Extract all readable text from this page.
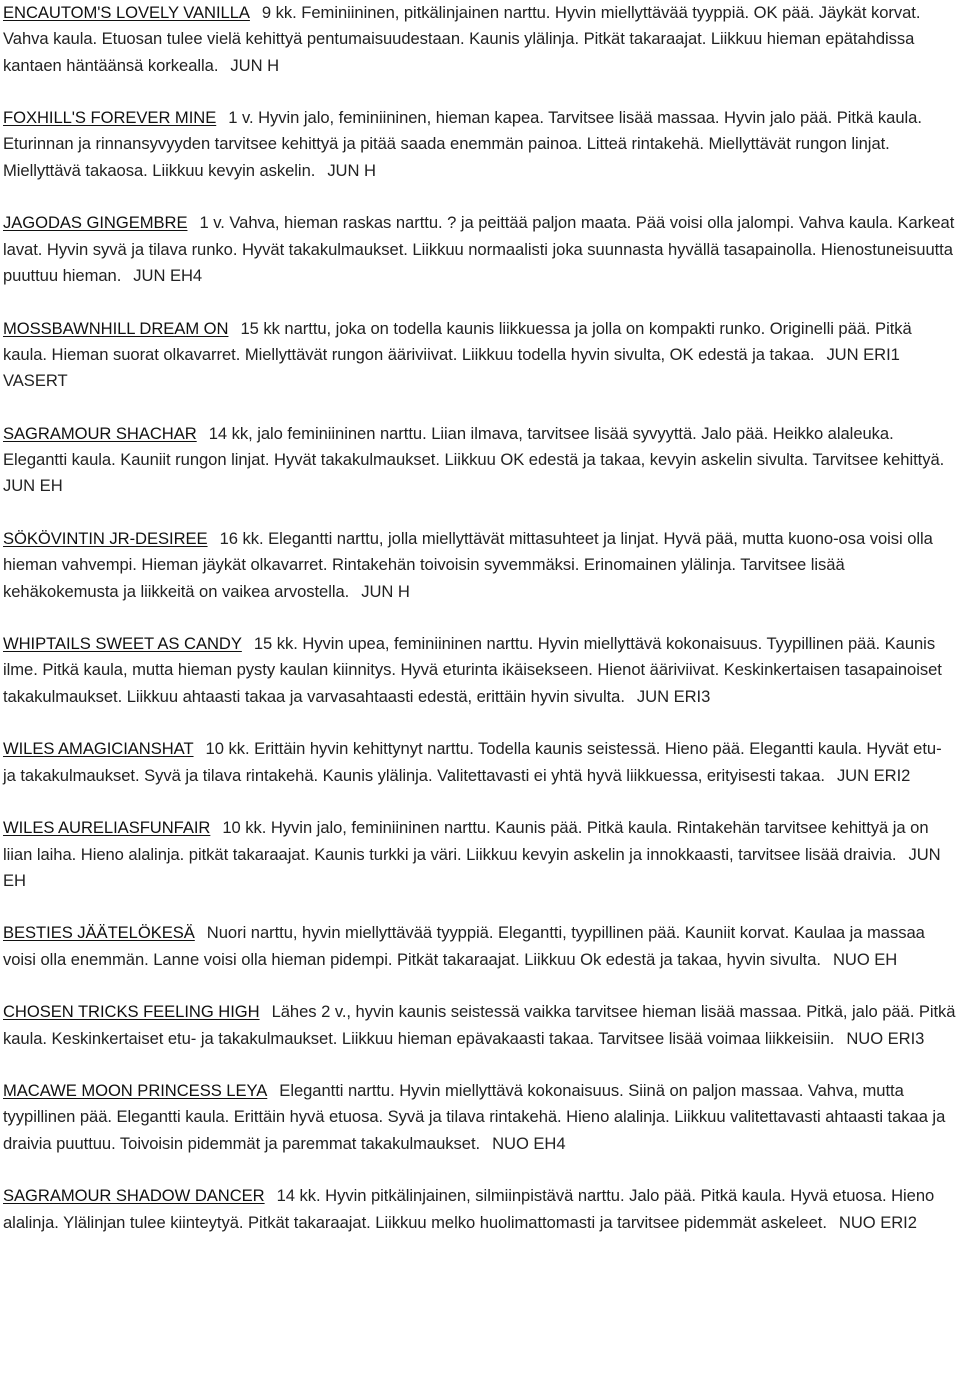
ENCAUTOM'S LOVELY VANILLA 9 kk. Feminiininen, pitkälinjainen narttu. Hyvin miellyttävää tyyppiä. OK pää. Jäykät korvat. Vahva kaula. Etuosan tulee vielä kehittyä pentumaisuudestaan. Kaunis ylälinja. Pitkät takaraajat. Liikkuu hieman epätahdissa kantaen häntäänsä korkealla. JUN H

FOXHILL'S FOREVER MINE 1 v. Hyvin jalo, feminiininen, hieman kapea. Tarvitsee lisää massaa. Hyvin jalo pää. Pitkä kaula. Eturinnan ja rinnansyvyyden tarvitsee kehittyä ja pitää saada enemmän painoa. Litteä rintakehä. Miellyttävät rungon linjat. Miellyttävä takaosa. Liikkuu kevyin askelin. JUN H

JAGODAS GINGEMBRE 1 v. Vahva, hieman raskas narttu. ? ja peittää paljon maata. Pää voisi olla jalompi. Vahva kaula. Karkeat lavat. Hyvin syvä ja tilava runko. Hyvät takakulmaukset. Liikkuu normaalisti joka suunnasta hyvällä tasapainolla. Hienostuneisuutta puuttuu hieman. JUN EH4

MOSSBAWNHILL DREAM ON 15 kk narttu, joka on todella kaunis liikkuessa ja jolla on kompakti runko. Originelli pää. Pitkä kaula. Hieman suorat olkavarret. Miellyttävät rungon ääriviivat. Liikkuu todella hyvin sivulta, OK edestä ja takaa. JUN ERI1 VASERT

SAGRAMOUR SHACHAR 14 kk, jalo feminiininen narttu. Liian ilmava, tarvitsee lisää syvyyttä. Jalo pää. Heikko alaleuka. Elegantti kaula. Kauniit rungon linjat. Hyvät takakulmaukset. Liikkuu OK edestä ja takaa, kevyin askelin sivulta. Tarvitsee kehittyä.JUN EH

SÖKÖVINTIN JR-DESIREE 16 kk. Elegantti narttu, jolla miellyttävät mittasuhteet ja linjat. Hyvä pää, mutta kuono-osa voisi olla hieman vahvempi. Hieman jäykät olkavarret. Rintakehän toivoisin syvemmäksi. Erinomainen ylälinja. Tarvitsee lisää kehäkokemusta ja liikkeitä on vaikea arvostella. JUN H

WHIPTAILS SWEET AS CANDY 15 kk. Hyvin upea, feminiininen narttu. Hyvin miellyttävä kokonaisuus. Tyypillinen pää. Kaunis ilme. Pitkä kaula, mutta hieman pysty kaulan kiinnitys. Hyvä eturinta ikäisekseen. Hienot ääriviivat. Keskinkertaisen tasapainoiset takakulmaukset. Liikkuu ahtaasti takaa ja varvasahtaasti edestä, erittäin hyvin sivulta. JUN ERI3

WILES AMAGICIANSHAT 10 kk. Erittäin hyvin kehittynyt narttu. Todella kaunis seistessä. Hieno pää. Elegantti kaula. Hyvät etu- ja takakulmaukset. Syvä ja tilava rintakehä. Kaunis ylälinja. Valitettavasti ei yhtä hyvä liikkuessa, erityisesti takaa. JUN ERI2

WILES AURELIASFUNFAIR 10 kk. Hyvin jalo, feminiininen narttu. Kaunis pää. Pitkä kaula. Rintakehän tarvitsee kehittyä ja on liian laiha. Hieno alalinja. pitkät takaraajat. Kaunis turkki ja väri. Liikkuu kevyin askelin ja innokkaasti, tarvitsee lisää draivia. JUN EH

BESTIES JÄÄTELÖKESÄ Nuori narttu, hyvin miellyttävää tyyppiä. Elegantti, tyypillinen pää. Kauniit korvat. Kaulaa ja massaa voisi olla enemmän. Lanne voisi olla hieman pidempi. Pitkät takaraajat. Liikkuu Ok edestä ja takaa, hyvin sivulta. NUO EH

CHOSEN TRICKS FEELING HIGH Lähes 2 v., hyvin kaunis seistessä vaikka tarvitsee hieman lisää massaa. Pitkä, jalo pää. Pitkä kaula. Keskinkertaiset etu- ja takakulmaukset. Liikkuu hieman epävakaasti takaa. Tarvitsee lisää voimaa liikkeisiin. NUO ERI3

MACAWE MOON PRINCESS LEYA Elegantti narttu. Hyvin miellyttävä kokonaisuus. Siinä on paljon massaa. Vahva, mutta tyypillinen pää. Elegantti kaula. Erittäin hyvä etuosa. Syvä ja tilava rintakehä. Hieno alalinja. Liikkuu valitettavasti ahtaasti takaa ja draivia puuttuu. Toivoisin pidemmät ja paremmat takakulmaukset. NUO EH4

SAGRAMOUR SHADOW DANCER 14 kk. Hyvin pitkälinjainen, silmiinpistävä narttu. Jalo pää. Pitkä kaula. Hyvä etuosa. Hieno alalinja. Ylälinjan tulee kiinteytyä. Pitkät takaraajat. Liikkuu melko huolimattomasti ja tarvitsee pidemmät askeleet. NUO ERI2
